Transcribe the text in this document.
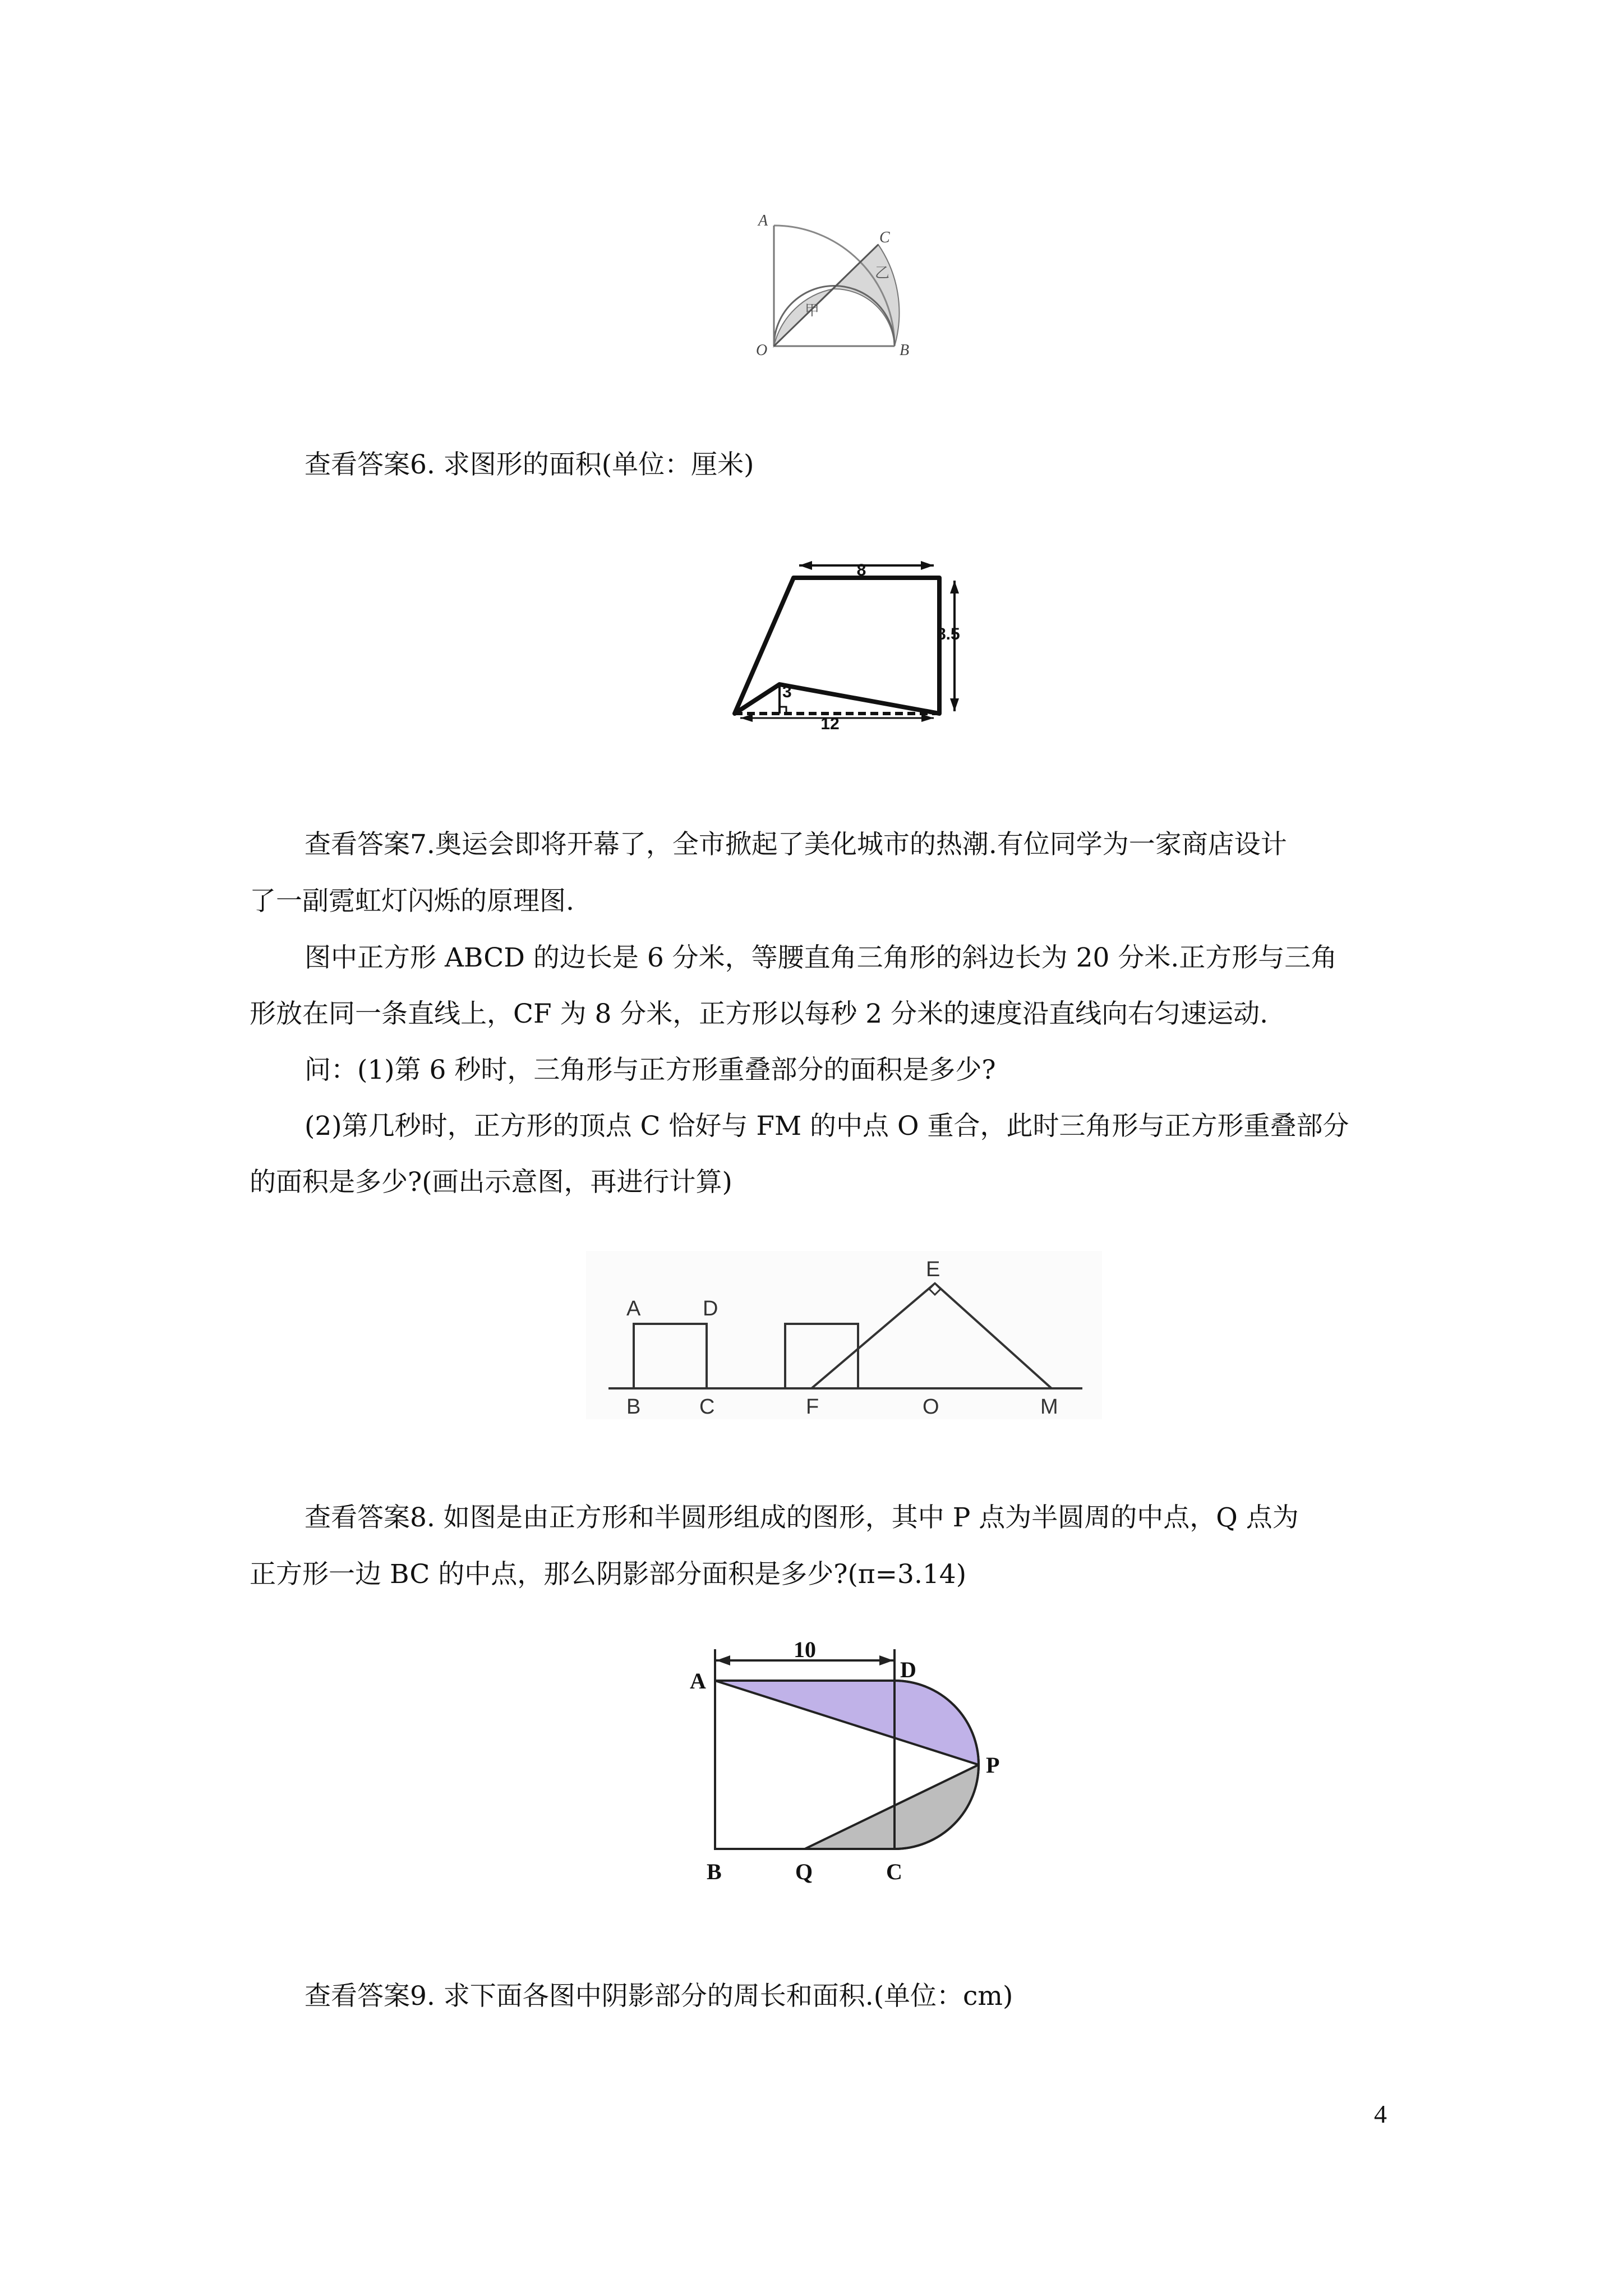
A
C
O	B
甲
乙

查看答案6. 求图形的面积(单位：厘米)

8
8.5
3
12

查看答案7.奥运会即将开幕了，全市掀起了美化城市的热潮.有位同学为一家商店设计

了一副霓虹灯闪烁的原理图.

图中正方形 ABCD 的边长是 6 分米，等腰直角三角形的斜边长为 20 分米.正方形与三角

形放在同一条直线上，CF 为 8 分米，正方形以每秒 2 分米的速度沿直线向右匀速运动.

问：(1)第 6 秒时，三角形与正方形重叠部分的面积是多少?

(2)第几秒时，正方形的顶点 C 恰好与 FM 的中点 O 重合，此时三角形与正方形重叠部分

的面积是多少?(画出示意图，再进行计算)

A	D
B	C	F	O	M
E

查看答案8. 如图是由正方形和半圆形组成的图形，其中 P 点为半圆周的中点，Q 点为

正方形一边 BC 的中点，那么阴影部分面积是多少?(π=3.14)

10
A	D
P
B	Q	C

查看答案9. 求下面各图中阴影部分的周长和面积.(单位：cm)

4
